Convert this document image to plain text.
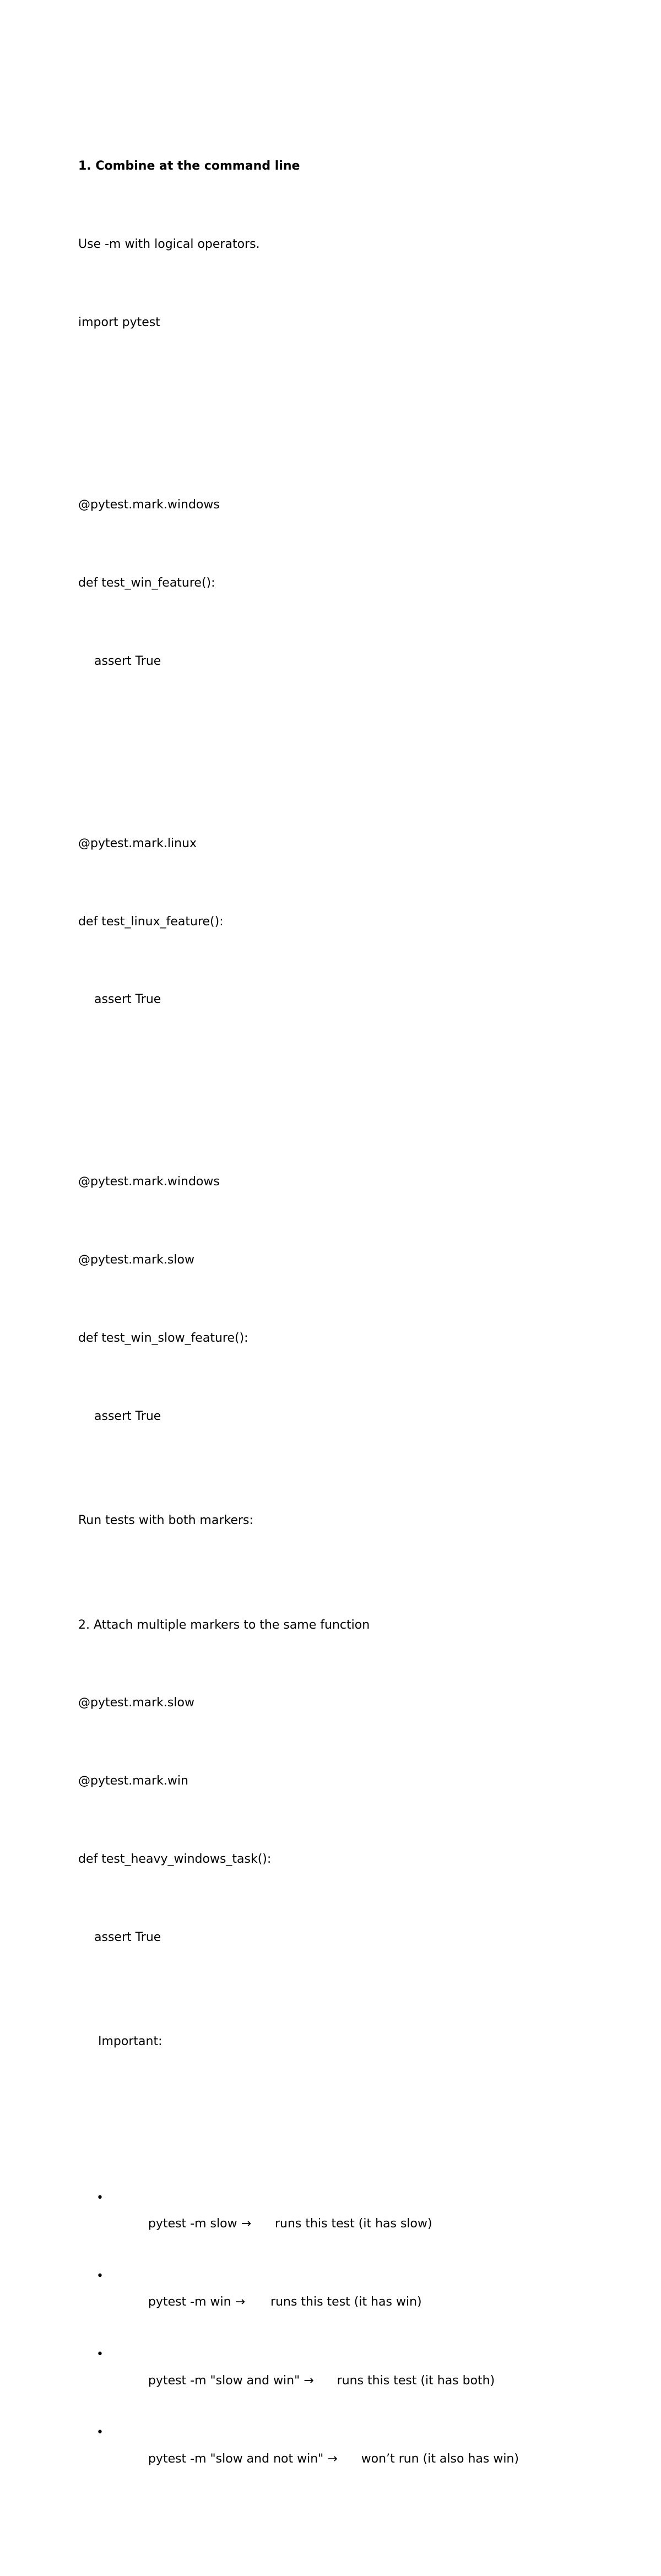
1. Combine at the command line

Use -m with logical operators.

import pytest

@pytest.mark.windows

def test_win_feature():

assert True

@pytest.mark.linux

def test_linux_feature():

assert True

@pytest.mark.windows

@pytest.mark.slow

def test_win_slow_feature():

assert True

Run tests with both markers:

2. Attach multiple markers to the same function

@pytest.mark.slow

@pytest.mark.win

def test_heavy_windows_task():

assert True

Important:

•
pytest -m slow → runs this test (it has slow)

•
pytest -m win → runs this test (it has win)

•
pytest -m "slow and win" → runs this test (it has both)

•
pytest -m "slow and not win" → won’t run (it also has win)
